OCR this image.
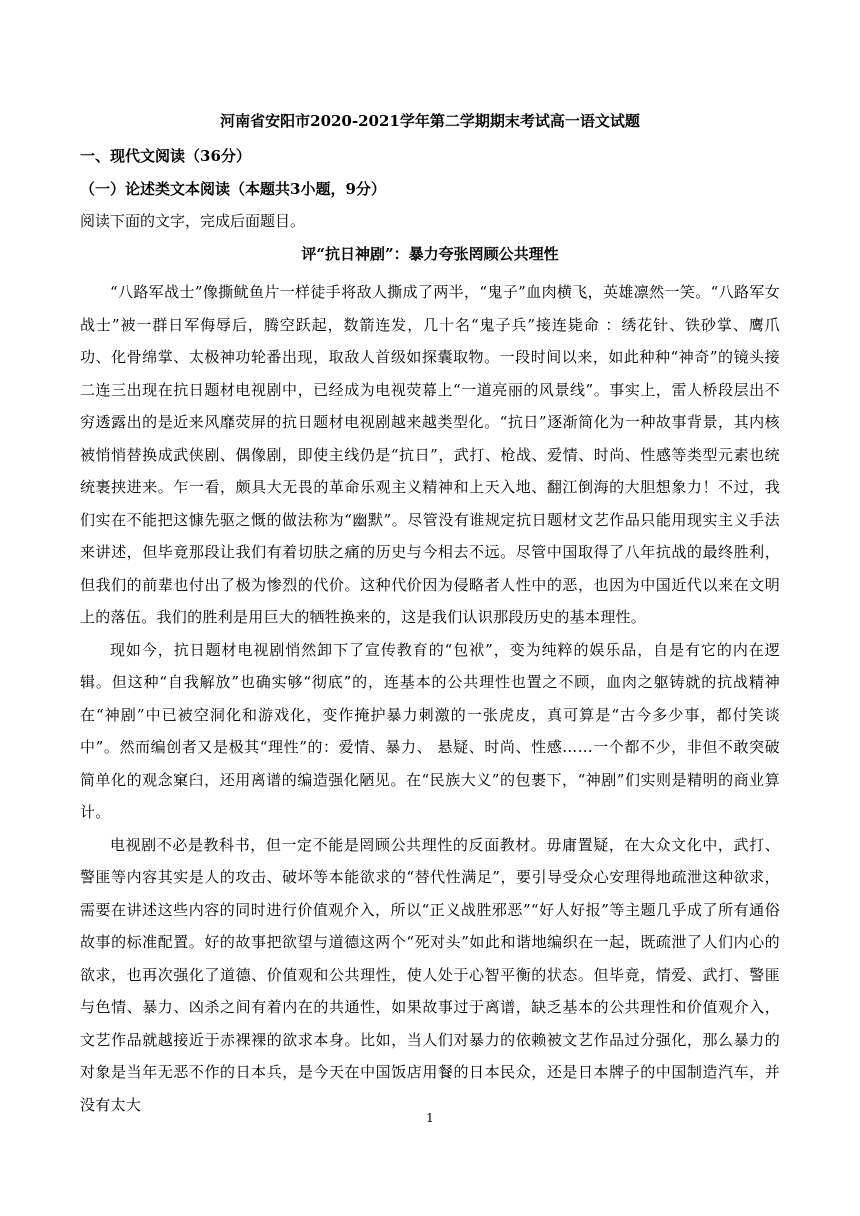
河南省安阳市2020-2021学年第二学期期末考试高一语文试题
一、现代文阅读（36分）
（一）论述类文本阅读（本题共3小题，9分）
阅读下面的文字，完成后面题目。
评“抗日神剧”：暴力夸张罔顾公共理性

“八路军战士”像撕鱿鱼片一样徒手将敌人撕成了两半，“鬼子”血肉横飞，英雄凛然一笑。“八路军女战士”被一群日军侮辱后，腾空跃起，数箭连发，几十名“鬼子兵”接连毙命 ：绣花针、铁砂掌、鹰爪功、化骨绵掌、太极神功轮番出现，取敌人首级如探囊取物。一段时间以来，如此种种“神奇”的镜头接二连三出现在抗日题材电视剧中，已经成为电视荧幕上“一道亮丽的风景线”。事实上，雷人桥段层出不穷透露出的是近来风靡荧屏的抗日题材电视剧越来越类型化。“抗日”逐渐简化为一种故事背景，其内核被悄悄替换成武侠剧、偶像剧，即使主线仍是“抗日”，武打、枪战、爱情、时尚、性感等类型元素也统统裹挟进来。乍一看，颇具大无畏的革命乐观主义精神和上天入地、翻江倒海的大胆想象力！不过，我们实在不能把这慷先驱之慨的做法称为“幽默”。尽管没有谁规定抗日题材文艺作品只能用现实主义手法来讲述，但毕竟那段让我们有着切肤之痛的历史与今相去不远。尽管中国取得了八年抗战的最终胜利，但我们的前辈也付出了极为惨烈的代价。这种代价因为侵略者人性中的恶，也因为中国近代以来在文明上的落伍。我们的胜利是用巨大的牺牲换来的，这是我们认识那段历史的基本理性。

现如今，抗日题材电视剧悄然卸下了宣传教育的“包袱”，变为纯粹的娱乐品，自是有它的内在逻辑。但这种“自我解放”也确实够“彻底”的，连基本的公共理性也置之不顾，血肉之躯铸就的抗战精神在“神剧”中已被空洞化和游戏化，变作掩护暴力刺激的一张虎皮，真可算是“古今多少事，都付笑谈中”。然而编创者又是极其“理性”的：爱情、暴力、 悬疑、时尚、性感……一个都不少，非但不敢突破简单化的观念窠臼，还用离谱的编造强化陋见。在“民族大义”的包裹下，“神剧”们实则是精明的商业算计。

电视剧不必是教科书，但一定不能是罔顾公共理性的反面教材。毋庸置疑，在大众文化中，武打、警匪等内容其实是人的攻击、破坏等本能欲求的“替代性满足”，要引导受众心安理得地疏泄这种欲求，需要在讲述这些内容的同时进行价值观介入，所以“正义战胜邪恶”“好人好报”等主题几乎成了所有通俗故事的标准配置。好的故事把欲望与道德这两个“死对头”如此和谐地编织在一起，既疏泄了人们内心的欲求，也再次强化了道德、价值观和公共理性，使人处于心智平衡的状态。但毕竟，情爱、武打、警匪与色情、暴力、凶杀之间有着内在的共通性，如果故事过于离谱，缺乏基本的公共理性和价值观介入，文艺作品就越接近于赤裸裸的欲求本身。比如，当人们对暴力的依赖被文艺作品过分强化，那么暴力的对象是当年无恶不作的日本兵，是今天在中国饭店用餐的日本民众，还是日本牌子的中国制造汽车，并没有太大

1
